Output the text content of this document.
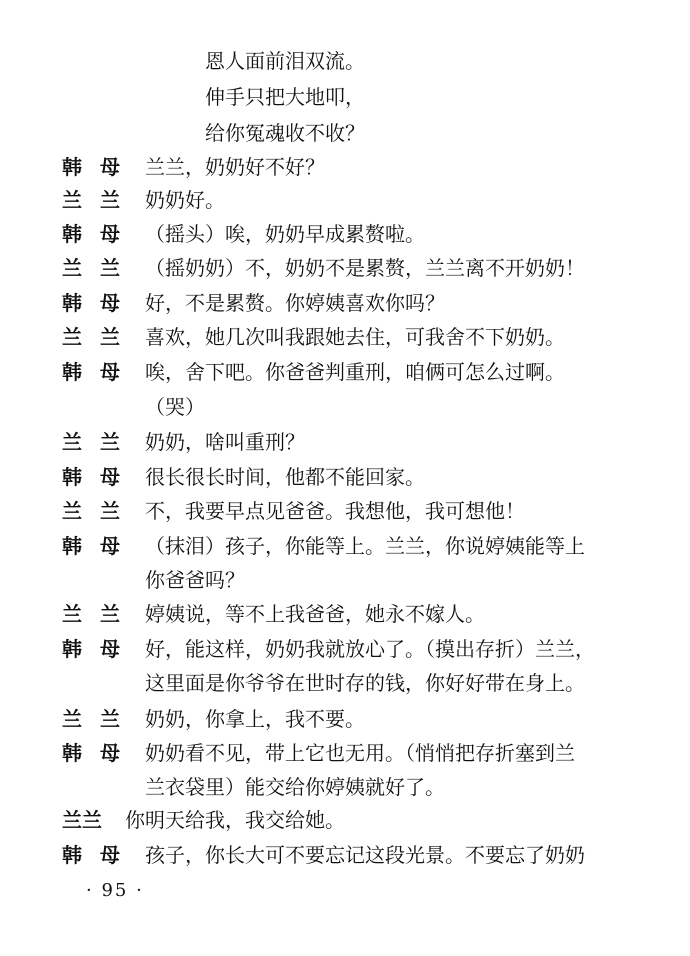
恩人面前泪双流。
伸手只把大地叩，
给你冤魂收不收？
韩母 兰兰，奶奶好不好？
兰兰 奶奶好。
韩母 （摇头）唉，奶奶早成累赘啦。
兰兰 （摇奶奶）不，奶奶不是累赘，兰兰离不开奶奶！
韩母 好，不是累赘。你婷姨喜欢你吗？
兰兰 喜欢，她几次叫我跟她去住，可我舍不下奶奶。
韩母 唉，舍下吧。你爸爸判重刑，咱俩可怎么过啊。
（哭）
兰兰 奶奶，啥叫重刑？
韩母 很长很长时间，他都不能回家。
兰兰 不，我要早点见爸爸。我想他，我可想他！
韩母 （抹泪）孩子，你能等上。兰兰，你说婷姨能等上
你爸爸吗？
兰兰 婷姨说，等不上我爸爸，她永不嫁人。
韩母 好，能这样，奶奶我就放心了。（摸出存折）兰兰，
这里面是你爷爷在世时存的钱，你好好带在身上。
兰兰 奶奶，你拿上，我不要。
韩母 奶奶看不见，带上它也无用。（悄悄把存折塞到兰
兰衣袋里）能交给你婷姨就好了。
兰兰	你明天给我，我交给她。
韩母 孩子，你长大可不要忘记这段光景。不要忘了奶奶
· 95 ·
